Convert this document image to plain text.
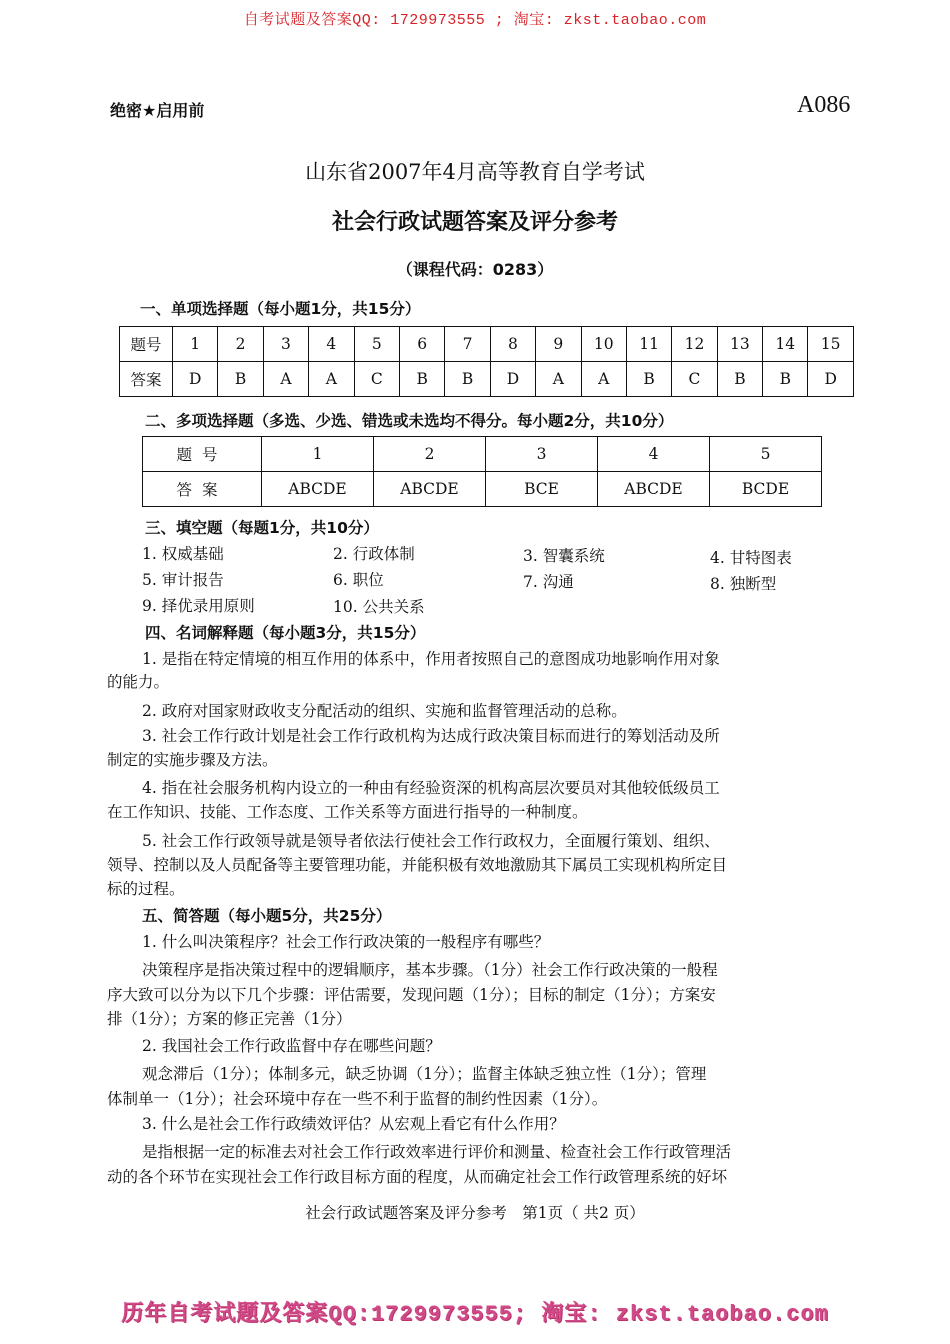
自考试题及答案QQ: 1729973555 ; 淘宝: zkst.taobao.com
绝密★启用前	A086
山东省2007年4月高等教育自学考试
社会行政试题答案及评分参考
（课程代码：0283）
一、单项选择题（每小题1分，共15分）
题号	1	2	3	4	5	6	7	8	9	10	11	12	13	14	15
答案	D	B	A	A	C	B	B	D	A	A	B	C	B	B	D
二、多项选择题（多选、少选、错选或未选均不得分。每小题2分，共10分）
题号	1	2	3	4	5
答案	ABCDE	ABCDE	BCE	ABCDE	BCDE
三、填空题（每题1分，共10分）
1. 权威基础	2. 行政体制	3. 智囊系统	4. 甘特图表
5. 审计报告	6. 职位	7. 沟通	8. 独断型
9. 择优录用原则	10. 公共关系
四、名词解释题（每小题3分，共15分）
1. 是指在特定情境的相互作用的体系中，作用者按照自己的意图成功地影响作用对象
的能力。
2. 政府对国家财政收支分配活动的组织、实施和监督管理活动的总称。
3. 社会工作行政计划是社会工作行政机构为达成行政决策目标而进行的筹划活动及所
制定的实施步骤及方法。
4. 指在社会服务机构内设立的一种由有经验资深的机构高层次要员对其他较低级员工
在工作知识、技能、工作态度、工作关系等方面进行指导的一种制度。
5. 社会工作行政领导就是领导者依法行使社会工作行政权力，全面履行策划、组织、
领导、控制以及人员配备等主要管理功能，并能积极有效地激励其下属员工实现机构所定目
标的过程。
五、简答题（每小题5分，共25分）
1. 什么叫决策程序？社会工作行政决策的一般程序有哪些？
决策程序是指决策过程中的逻辑顺序，基本步骤。（1分）社会工作行政决策的一般程
序大致可以分为以下几个步骤：评估需要，发现问题（1分）；目标的制定（1分）；方案安
排（1分）；方案的修正完善（1分）
2. 我国社会工作行政监督中存在哪些问题？
观念滞后（1分）；体制多元，缺乏协调（1分）；监督主体缺乏独立性（1分）；管理
体制单一（1分）；社会环境中存在一些不利于监督的制约性因素（1分）。
3. 什么是社会工作行政绩效评估？从宏观上看它有什么作用？
是指根据一定的标准去对社会工作行政效率进行评价和测量、检查社会工作行政管理活
动的各个环节在实现社会工作行政目标方面的程度，从而确定社会工作行政管理系统的好坏
社会行政试题答案及评分参考　第1页（ 共2 页）
历年自考试题及答案QQ:1729973555; 淘宝: zkst.taobao.com
